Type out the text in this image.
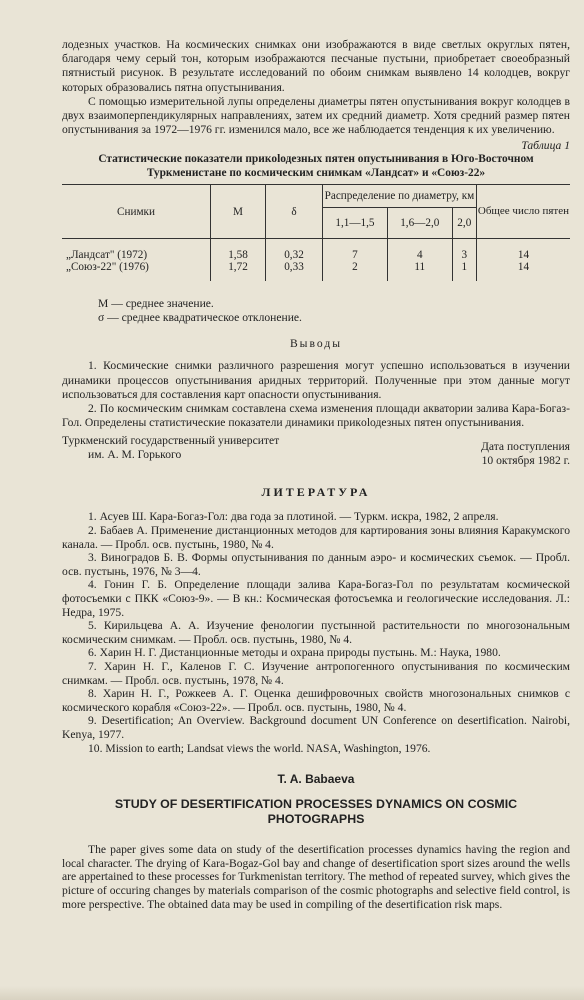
лодезных участков. На космических снимках они изображаются в виде светлых округлых пятен, благодаря чему серый тон, которым изображаются песчаные пустыни, приобретает своеобразный пятнистый рисунок. В результате исследований по обоим снимкам выявлено 14 колодцев, вокруг которых образовались пятна опустынивания.

С помощью измерительной лупы определены диаметры пятен опустынивания вокруг колодцев в двух взаимоперпендикулярных направлениях, затем их средний диаметр. Хотя средний размер пятен опустынивания за 1972—1976 гг. изменился мало, все же наблюдается тенденция к их увеличению.

Таблица 1

Статистические показатели прикolодезных пятен опустынивания в Юго-Восточном Туркменистане по космическим снимкам «Ландсат» и «Союз-22»

Снимки	M	δ	Распределение по диаметру, км			Общее число пятен
			1,1—1,5	1,6—2,0	2,0	
„Ландсат" (1972)	1,58	0,32	7	4	3	14
„Союз-22" (1976)	1,72	0,33	2	11	1	14

M — среднее значение.

σ — среднее квадратическое отклонение.

Выводы

1. Космические снимки различного разрешения могут успешно использоваться в изучении динамики процессов опустынивания аридных территорий. Полученные при этом данные могут использоваться для составления карт опасности опустынивания.

2. По космическим снимкам составлена схема изменения площади акватории залива Кара-Богаз-Гол. Определены статистические показатели динамики прикolодезных пятен опустынивания.

Туркменский государственный университет

им. А. М. Горького

Дата поступления

10 октября 1982 г.

ЛИТЕРАТУРА

1. Асуев Ш. Кара-Богаз-Гол: два года за плотиной. — Туркм. искра, 1982, 2 апреля.

2. Бабаев А. Применение дистанционных методов для картирования зоны влияния Каракумского канала. — Пробл. осв. пустынь, 1980, № 4.

3. Виноградов Б. В. Формы опустынивания по данным аэро- и космических съемок. — Пробл. осв. пустынь, 1976, № 3—4.

4. Гонин Г. Б. Определение площади залива Кара-Богаз-Гол по результатам космической фотосъемки с ПКК «Союз-9». — В кн.: Космическая фотосъемка и геологические исследования. Л.: Недра, 1975.

5. Кирильцева А. А. Изучение фенологии пустынной растительности по многозональным космическим снимкам. — Пробл. осв. пустынь, 1980, № 4.

6. Харин Н. Г. Дистанционные методы и охрана природы пустынь. М.: Наука, 1980.

7. Харин Н. Г., Каленов Г. С. Изучение антропогенного опустынивания по космическим снимкам. — Пробл. осв. пустынь, 1978, № 4.

8. Харин Н. Г., Рожкеев А. Г. Оценка дешифровочных свойств многозональных снимков с космического корабля «Союз-22». — Пробл. осв. пустынь, 1980, № 4.

9. Desertification; An Overview. Background document UN Conference on desertification. Nairobi, Kenya, 1977.

10. Mission to earth; Landsat views the world. NASA, Washington, 1976.

T. A. Babaeva

STUDY OF DESERTIFICATION PROCESSES DYNAMICS ON COSMIC PHOTOGRAPHS

The paper gives some data on study of the desertification processes dynamics having the region and local character. The drying of Kara-Bogaz-Gol bay and change of desertification sport sizes around the wells are appertained to these processes for Turkmenistan territory. The method of repeated survey, which gives the picture of occuring changes by materials comparison of the cosmic photographs and selective field control, is more perspective. The obtained data may be used in compiling of the desertification risk maps.
